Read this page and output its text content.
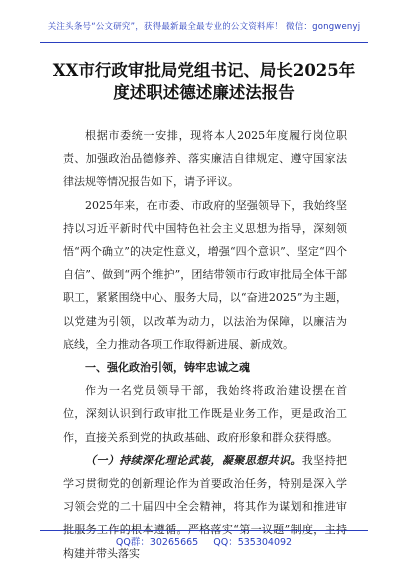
关注头条号“公文研究”，获得最新最全最专业的公文资料库！ 微信：gongwenyj
XX市行政审批局党组书记、局长2025年
度述职述德述廉述法报告

根据市委统一安排，现将本人2025年度履行岗位职责、加强政治品德修养、落实廉洁自律规定、遵守国家法律法规等情况报告如下，请予评议。

2025年来，在市委、市政府的坚强领导下，我始终坚持以习近平新时代中国特色社会主义思想为指导，深刻领悟“两个确立”的决定性意义，增强“四个意识”、坚定“四个自信”、做到“两个维护”，团结带领市行政审批局全体干部职工，紧紧围绕中心、服务大局，以“奋进2025”为主题，以党建为引领，以改革为动力，以法治为保障，以廉洁为底线，全力推动各项工作取得新进展、新成效。

一、强化政治引领，铸牢忠诚之魂

作为一名党员领导干部，我始终将政治建设摆在首位，深刻认识到行政审批工作既是业务工作，更是政治工作，直接关系到党的执政基础、政府形象和群众获得感。

（一）持续深化理论武装，凝聚思想共识。我坚持把学习贯彻党的创新理论作为首要政治任务，特别是深入学习领会党的二十届四中全会精神，将其作为谋划和推进审批服务工作的根本遵循。严格落实“第一议题”制度，主持构建并带头落实

QQ群：30265665 QQ：535304092
